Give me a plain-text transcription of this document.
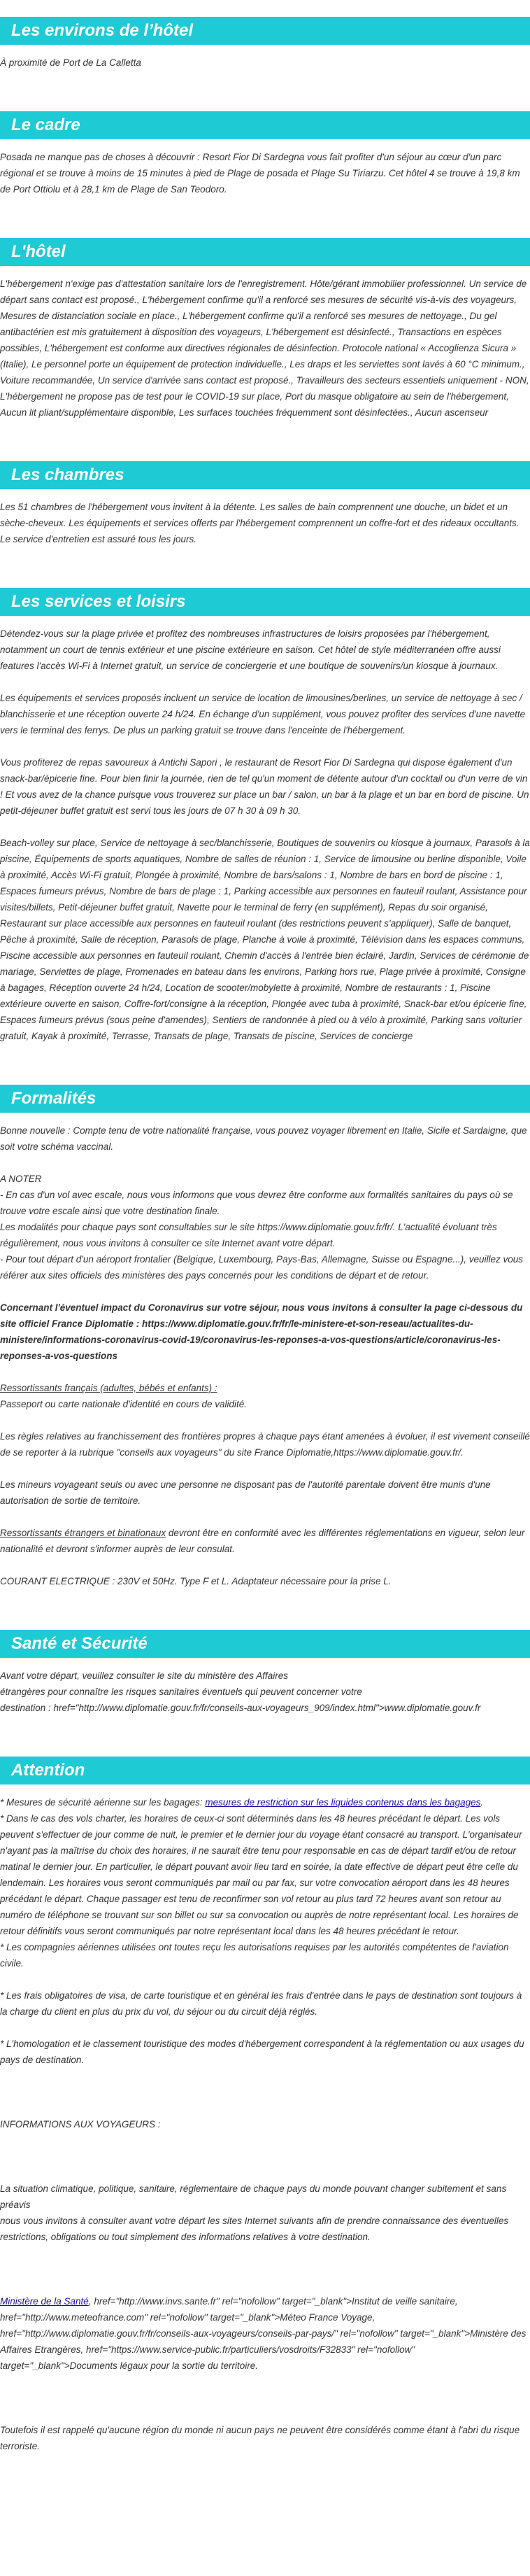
Les environs de l’hôtel

À proximité de Port de La Calletta

Le cadre

Posada ne manque pas de choses à découvrir : Resort Fior Di Sardegna vous fait profiter d'un séjour au cœur d'un parc régional et se trouve à moins de 15 minutes à pied de Plage de posada et Plage Su Tiriarzu. Cet hôtel 4 se trouve à 19,8 km de Port Ottiolu et à 28,1 km de Plage de San Teodoro.

L'hôtel

L'hébergement n'exige pas d'attestation sanitaire lors de l'enregistrement. Hôte/gérant immobilier professionnel. Un service de départ sans contact est proposé., L'hébergement confirme qu'il a renforcé ses mesures de sécurité vis-à-vis des voyageurs, Mesures de distanciation sociale en place., L'hébergement confirme qu'il a renforcé ses mesures de nettoyage., Du gel antibactérien est mis gratuitement à disposition des voyageurs, L'hébergement est désinfecté., Transactions en espèces possibles, L'hébergement est conforme aux directives régionales de désinfection. Protocole national « Accoglienza Sicura » (Italie), Le personnel porte un équipement de protection individuelle., Les draps et les serviettes sont lavés à 60 °C minimum., Voiture recommandée, Un service d'arrivée sans contact est proposé., Travailleurs des secteurs essentiels uniquement - NON, L'hébergement ne propose pas de test pour le COVID-19 sur place, Port du masque obligatoire au sein de l'hébergement, Aucun lit pliant/supplémentaire disponible, Les surfaces touchées fréquemment sont désinfectées., Aucun ascenseur

Les chambres

Les 51 chambres de l'hébergement vous invitent à la détente. Les salles de bain comprennent une douche, un bidet et un sèche-cheveux. Les équipements et services offerts par l'hébergement comprennent un coffre-fort et des rideaux occultants. Le service d'entretien est assuré tous les jours.

Les services et loisirs

Détendez-vous sur la plage privée et profitez des nombreuses infrastructures de loisirs proposées par l'hébergement, notamment un court de tennis extérieur et une piscine extérieure en saison. Cet hôtel de style méditerranéen offre aussi features l'accès Wi-Fi à Internet gratuit, un service de conciergerie et une boutique de souvenirs/un kiosque à journaux.

Les équipements et services proposés incluent un service de location de limousines/berlines, un service de nettoyage à sec / blanchisserie et une réception ouverte 24 h/24. En échange d'un supplément, vous pouvez profiter des services d'une navette vers le terminal des ferrys. De plus un parking gratuit se trouve dans l'enceinte de l'hébergement.

Vous profiterez de repas savoureux à Antichi Sapori , le restaurant de Resort Fior Di Sardegna qui dispose également d'un snack-bar/épicerie fine. Pour bien finir la journée, rien de tel qu'un moment de détente autour d'un cocktail ou d'un verre de vin ! Et vous avez de la chance puisque vous trouverez sur place un bar / salon, un bar à la plage et un bar en bord de piscine. Un petit-déjeuner buffet gratuit est servi tous les jours de 07 h 30 à 09 h 30.

Beach-volley sur place, Service de nettoyage à sec/blanchisserie, Boutiques de souvenirs ou kiosque à journaux, Parasols à la piscine, Équipements de sports aquatiques, Nombre de salles de réunion : 1, Service de limousine ou berline disponible, Voile à proximité, Accès Wi-Fi gratuit, Plongée à proximité, Nombre de bars/salons : 1, Nombre de bars en bord de piscine : 1, Espaces fumeurs prévus, Nombre de bars de plage : 1, Parking accessible aux personnes en fauteuil roulant, Assistance pour visites/billets, Petit-déjeuner buffet gratuit, Navette pour le terminal de ferry (en supplément), Repas du soir organisé, Restaurant sur place accessible aux personnes en fauteuil roulant (des restrictions peuvent s'appliquer), Salle de banquet, Pêche à proximité, Salle de réception, Parasols de plage, Planche à voile à proximité, Télévision dans les espaces communs, Piscine accessible aux personnes en fauteuil roulant, Chemin d'accès à l'entrée bien éclairé, Jardin, Services de cérémonie de mariage, Serviettes de plage, Promenades en bateau dans les environs, Parking hors rue, Plage privée à proximité, Consigne à bagages, Réception ouverte 24 h/24, Location de scooter/mobylette à proximité, Nombre de restaurants : 1, Piscine extérieure ouverte en saison, Coffre-fort/consigne à la réception, Plongée avec tuba à proximité, Snack-bar et/ou épicerie fine, Espaces fumeurs prévus (sous peine d'amendes), Sentiers de randonnée à pied ou à vélo à proximité, Parking sans voiturier gratuit, Kayak à proximité, Terrasse, Transats de plage, Transats de piscine, Services de concierge

Formalités

Bonne nouvelle : Compte tenu de votre nationalité française, vous pouvez voyager librement en Italie, Sicile et Sardaigne, que soit votre schéma vaccinal.

A NOTER
- En cas d'un vol avec escale, nous vous informons que vous devrez être conforme aux formalités sanitaires du pays où se trouve votre escale ainsi que votre destination finale.
Les modalités pour chaque pays sont consultables sur le site https://www.diplomatie.gouv.fr/fr/. L'actualité évoluant très régulièrement, nous vous invitons à consulter ce site Internet avant votre départ.
- Pour tout départ d'un aéroport frontalier (Belgique, Luxembourg, Pays-Bas, Allemagne, Suisse ou Espagne...), veuillez vous référer aux sites officiels des ministères des pays concernés pour les conditions de départ et de retour.

Concernant l'éventuel impact du Coronavirus sur votre séjour, nous vous invitons à consulter la page ci-dessous du site officiel France Diplomatie : https://www.diplomatie.gouv.fr/fr/le-ministere-et-son-reseau/actualites-du-ministere/informations-coronavirus-covid-19/coronavirus-les-reponses-a-vos-questions/article/coronavirus-les-reponses-a-vos-questions

Ressortissants français (adultes, bébés et enfants) :
Passeport ou carte nationale d'identité en cours de validité.

Les règles relatives au franchissement des frontières propres à chaque pays étant amenées à évoluer, il est vivement conseillé de se reporter à la rubrique "conseils aux voyageurs" du site France Diplomatie,https://www.diplomatie.gouv.fr/.

Les mineurs voyageant seuls ou avec une personne ne disposant pas de l'autorité parentale doivent être munis d'une autorisation de sortie de territoire.

Ressortissants étrangers et binationaux devront être en conformité avec les différentes réglementations en vigueur, selon leur nationalité et devront s'informer auprès de leur consulat.

COURANT ELECTRIQUE : 230V et 50Hz. Type F et L. Adaptateur nécessaire pour la prise L.

Santé et Sécurité

Avant votre départ, veuillez consulter le site du ministère des Affaires
étrangères pour connaître les risques sanitaires éventuels qui peuvent concerner votre
destination : href="http://www.diplomatie.gouv.fr/fr/conseils-aux-voyageurs_909/index.html">www.diplomatie.gouv.fr

Attention

* Mesures de sécurité aérienne sur les bagages: mesures de restriction sur les liquides contenus dans les bagages.

* Dans le cas des vols charter, les horaires de ceux-ci sont déterminés dans les 48 heures précédant le départ. Les vols peuvent s'effectuer de jour comme de nuit, le premier et le dernier jour du voyage étant consacré au transport. L'organisateur n'ayant pas la maîtrise du choix des horaires, il ne saurait être tenu pour responsable en cas de départ tardif et/ou de retour matinal le dernier jour. En particulier, le départ pouvant avoir lieu tard en soirée, la date effective de départ peut être celle du lendemain. Les horaires vous seront communiqués par mail ou par fax, sur votre convocation aéroport dans les 48 heures précédant le départ. Chaque passager est tenu de reconfirmer son vol retour au plus tard 72 heures avant son retour au numéro de téléphone se trouvant sur son billet ou sur sa convocation ou auprès de notre représentant local. Les horaires de retour définitifs vous seront communiqués par notre représentant local dans les 48 heures précédant le retour.

* Les compagnies aériennes utilisées ont toutes reçu les autorisations requises par les autorités compétentes de l'aviation civile.

* Les frais obligatoires de visa, de carte touristique et en général les frais d'entrée dans le pays de destination sont toujours à la charge du client en plus du prix du vol, du séjour ou du circuit déjà réglés.

* L'homologation et le classement touristique des modes d'hébergement correspondent à la réglementation ou aux usages du pays de destination.

INFORMATIONS AUX VOYAGEURS :

La situation climatique, politique, sanitaire, réglementaire de chaque pays du monde pouvant changer subitement et sans préavis
nous vous invitons à consulter avant votre départ les sites Internet suivants afin de prendre connaissance des éventuelles restrictions, obligations ou tout simplement des informations relatives à votre destination.

Ministère de la Santé, href="http://www.invs.sante.fr" rel="nofollow" target="_blank">Institut de veille sanitaire, href="http://www.meteofrance.com" rel="nofollow" target="_blank">Méteo France Voyage, href="http://www.diplomatie.gouv.fr/fr/conseils-aux-voyageurs/conseils-par-pays/" rel="nofollow" target="_blank">Ministère des Affaires Etrangères, href="https://www.service-public.fr/particuliers/vosdroits/F32833" rel="nofollow" target="_blank">Documents légaux pour la sortie du territoire.

Toutefois il est rappelé qu'aucune région du monde ni aucun pays ne peuvent être considérés comme étant à l'abri du risque terroriste.
